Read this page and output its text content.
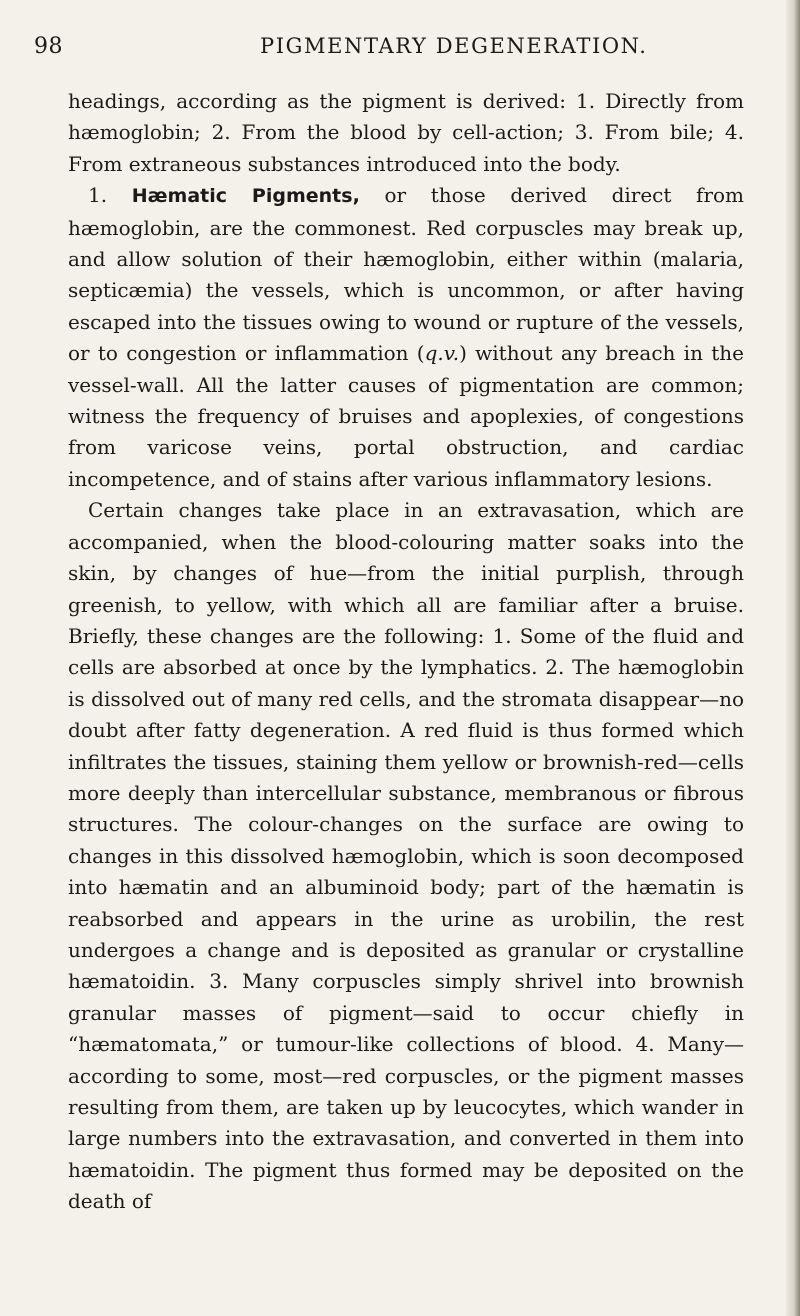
98	PIGMENTARY DEGENERATION.

headings, according as the pigment is derived: 1. Directly from hæmoglobin; 2. From the blood by cell-action; 3. From bile; 4. From extraneous substances introduced into the body.

1. Hæmatic Pigments, or those derived direct from hæmoglobin, are the commonest. Red corpuscles may break up, and allow solution of their hæmoglobin, either within (malaria, septicæmia) the vessels, which is uncommon, or after having escaped into the tissues owing to wound or rupture of the vessels, or to congestion or inflammation (q.v.) without any breach in the vessel-wall. All the latter causes of pigmentation are common; witness the frequency of bruises and apoplexies, of congestions from varicose veins, portal obstruction, and cardiac incompetence, and of stains after various inflammatory lesions.

Certain changes take place in an extravasation, which are accompanied, when the blood-colouring matter soaks into the skin, by changes of hue—from the initial purplish, through greenish, to yellow, with which all are familiar after a bruise. Briefly, these changes are the following: 1. Some of the fluid and cells are absorbed at once by the lymphatics. 2. The hæmoglobin is dissolved out of many red cells, and the stromata disappear—no doubt after fatty degeneration. A red fluid is thus formed which infiltrates the tissues, staining them yellow or brownish-red—cells more deeply than intercellular substance, membranous or fibrous structures. The colour-changes on the surface are owing to changes in this dissolved hæmoglobin, which is soon decomposed into hæmatin and an albuminoid body; part of the hæmatin is reabsorbed and appears in the urine as urobilin, the rest undergoes a change and is deposited as granular or crystalline hæmatoidin. 3. Many corpuscles simply shrivel into brownish granular masses of pigment—said to occur chiefly in “hæmatomata,” or tumour-like collections of blood. 4. Many—according to some, most—red corpuscles, or the pigment masses resulting from them, are taken up by leucocytes, which wander in large numbers into the extravasation, and converted in them into hæmatoidin. The pigment thus formed may be deposited on the death of
